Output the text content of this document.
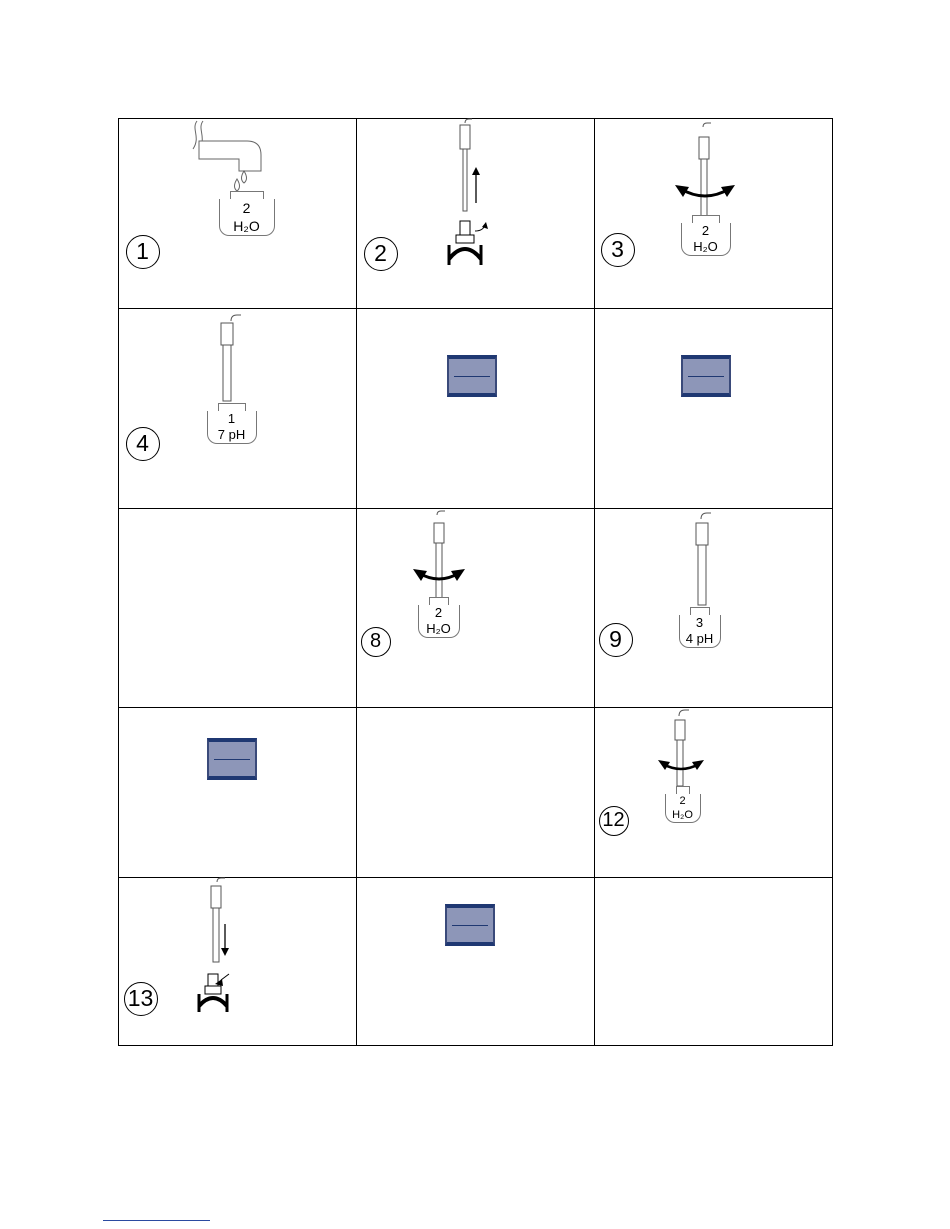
2
H₂O
1	2
2
H₂O
3
1
7 pH
4
2
H₂O
8
3
4 pH
9
2
H₂O
12
13
